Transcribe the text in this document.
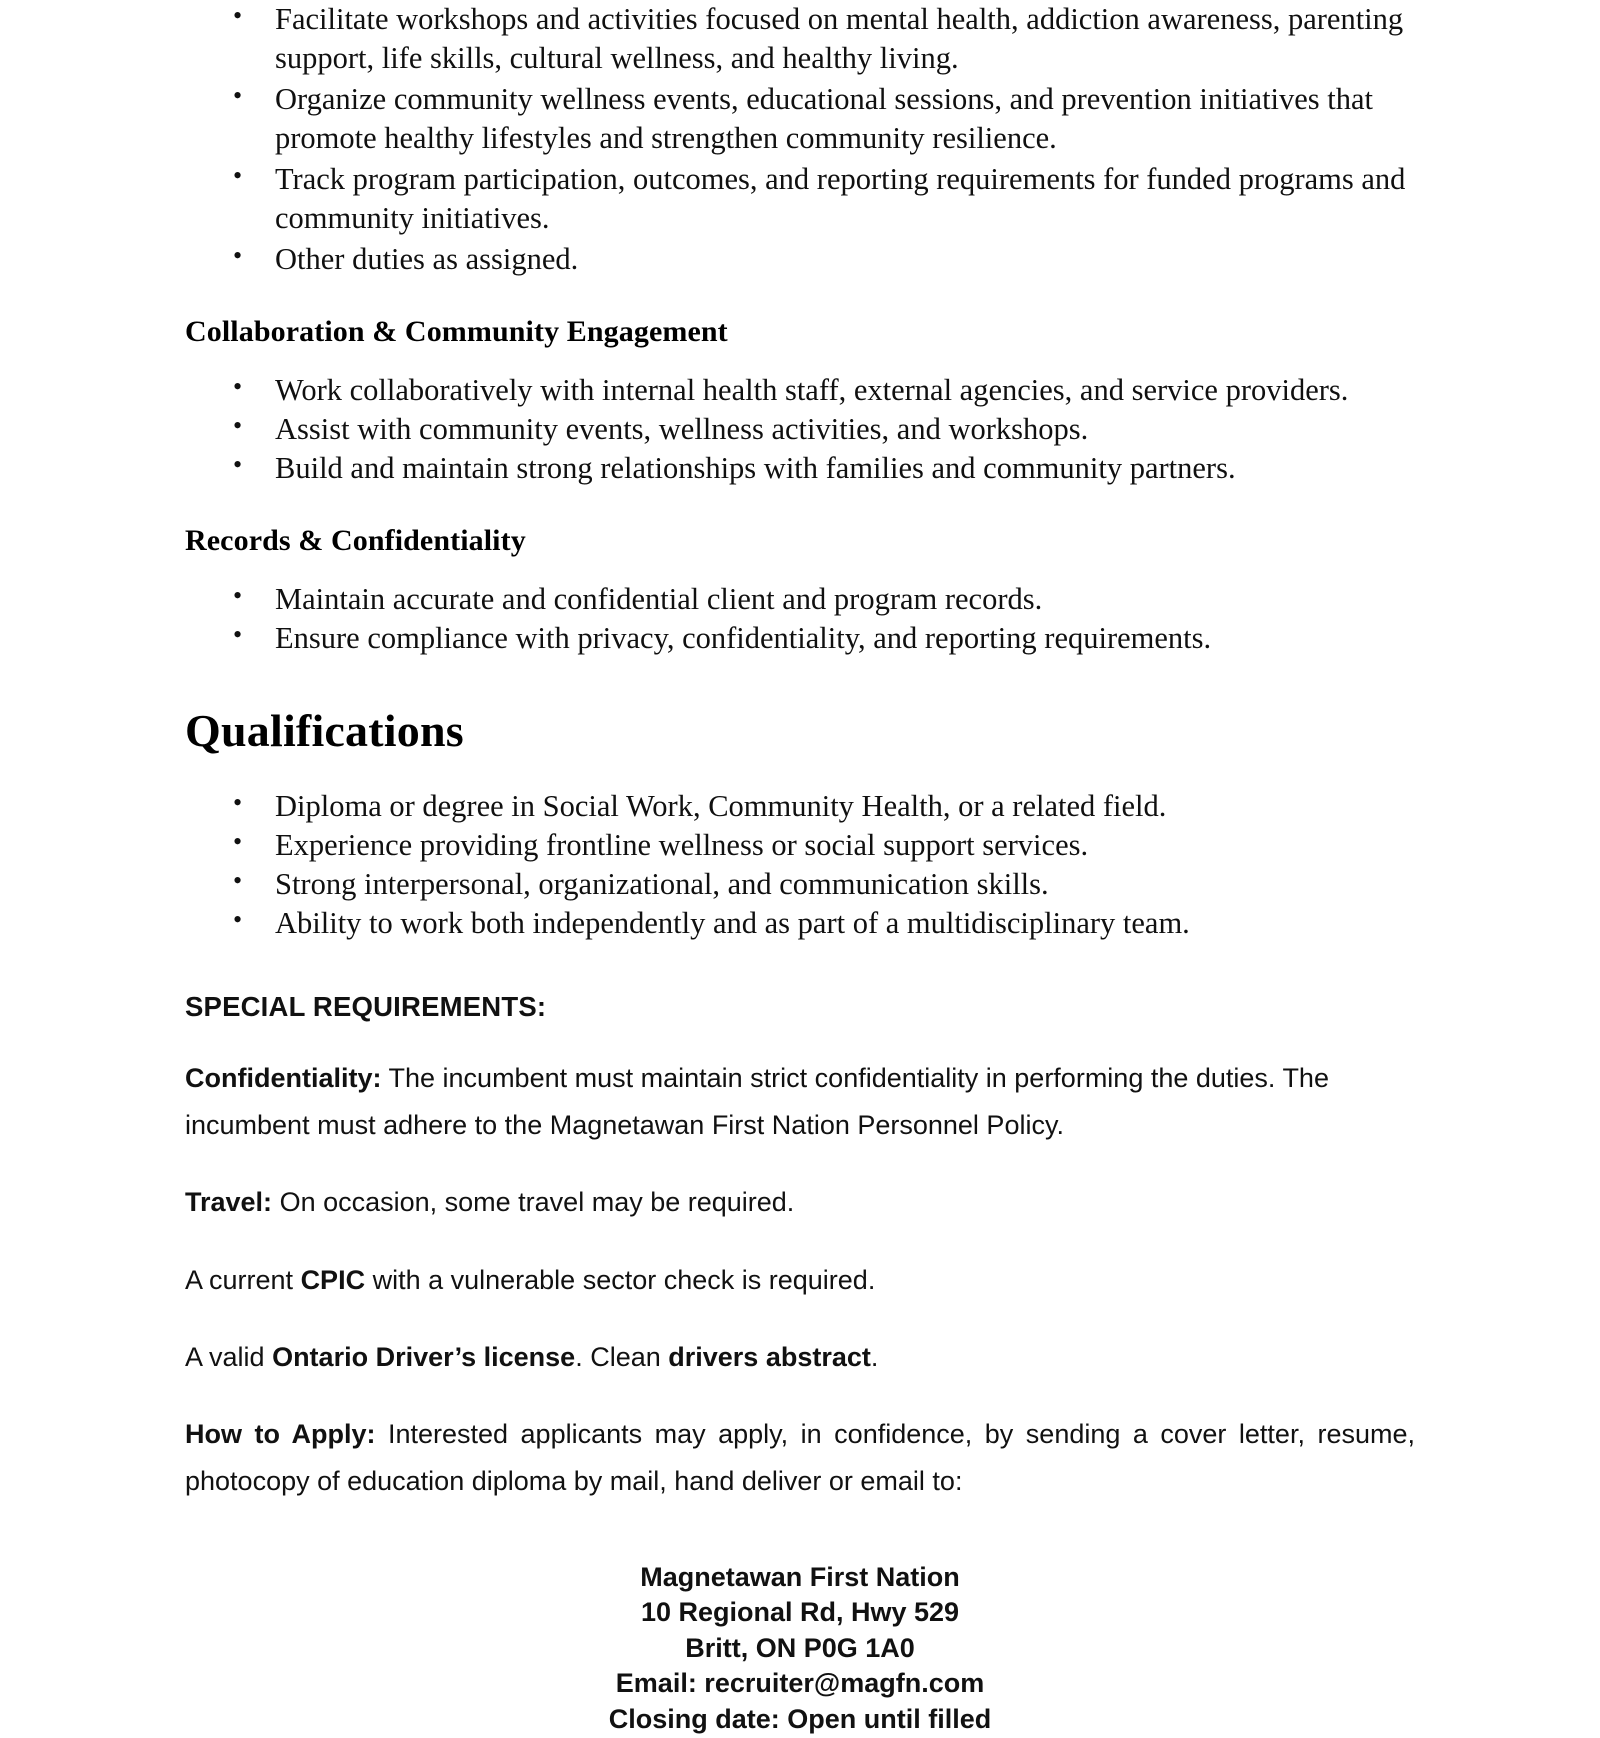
• Facilitate workshops and activities focused on mental health, addiction awareness, parenting support, life skills, cultural wellness, and healthy living.
• Organize community wellness events, educational sessions, and prevention initiatives that promote healthy lifestyles and strengthen community resilience.
• Track program participation, outcomes, and reporting requirements for funded programs and community initiatives.
• Other duties as assigned.
Collaboration & Community Engagement
• Work collaboratively with internal health staff, external agencies, and service providers.
• Assist with community events, wellness activities, and workshops.
• Build and maintain strong relationships with families and community partners.
Records & Confidentiality
• Maintain accurate and confidential client and program records.
• Ensure compliance with privacy, confidentiality, and reporting requirements.
Qualifications
• Diploma or degree in Social Work, Community Health, or a related field.
• Experience providing frontline wellness or social support services.
• Strong interpersonal, organizational, and communication skills.
• Ability to work both independently and as part of a multidisciplinary team.
SPECIAL REQUIREMENTS:

Confidentiality: The incumbent must maintain strict confidentiality in performing the duties. The incumbent must adhere to the Magnetawan First Nation Personnel Policy.

Travel: On occasion, some travel may be required.

A current CPIC with a vulnerable sector check is required.

A valid Ontario Driver’s license. Clean drivers abstract.

How to Apply: Interested applicants may apply, in confidence, by sending a cover letter, resume, photocopy of education diploma by mail, hand deliver or email to:

Magnetawan First Nation
10 Regional Rd, Hwy 529
Britt, ON P0G 1A0
Email: recruiter@magfn.com
Closing date: Open until filled
